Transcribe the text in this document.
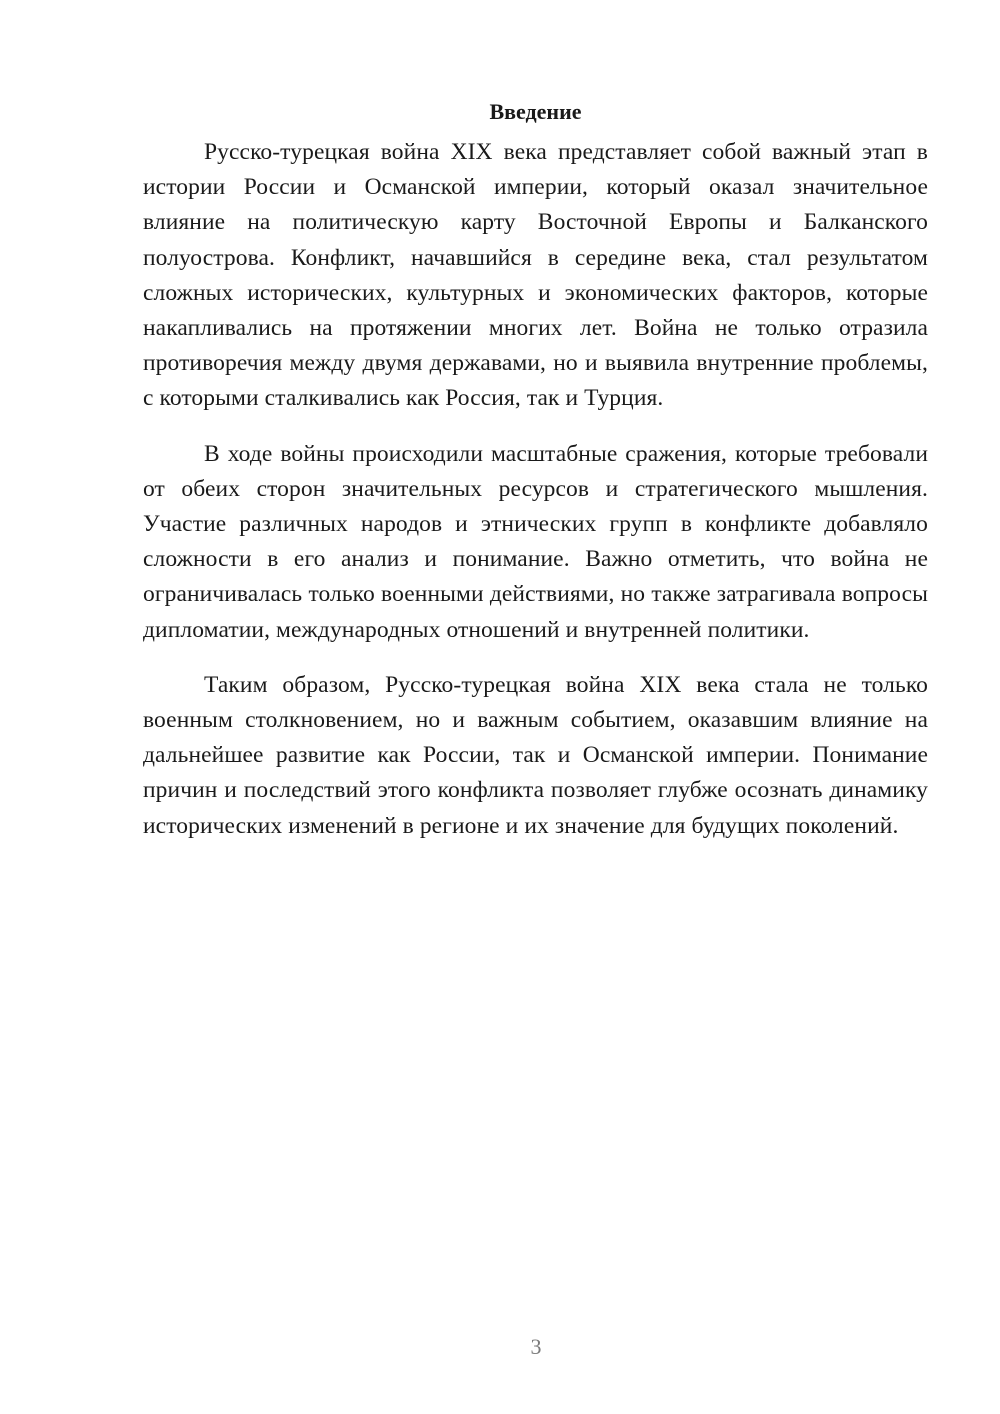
Введение

Русско-турецкая война XIX века представляет собой важный этап в истории России и Османской империи, который оказал значительное влияние на политическую карту Восточной Европы и Балканского полуострова. Конфликт, начавшийся в середине века, стал результатом сложных исторических, культурных и экономических факторов, которые накапливались на протяжении многих лет. Война не только отразила противоречия между двумя державами, но и выявила внутренние проблемы, с которыми сталкивались как Россия, так и Турция.

В ходе войны происходили масштабные сражения, которые требовали от обеих сторон значительных ресурсов и стратегического мышления. Участие различных народов и этнических групп в конфликте добавляло сложности в его анализ и понимание. Важно отметить, что война не ограничивалась только военными действиями, но также затрагивала вопросы дипломатии, международных отношений и внутренней политики.

Таким образом, Русско-турецкая война XIX века стала не только военным столкновением, но и важным событием, оказавшим влияние на дальнейшее развитие как России, так и Османской империи. Понимание причин и последствий этого конфликта позволяет глубже осознать динамику исторических изменений в регионе и их значение для будущих поколений.

3
